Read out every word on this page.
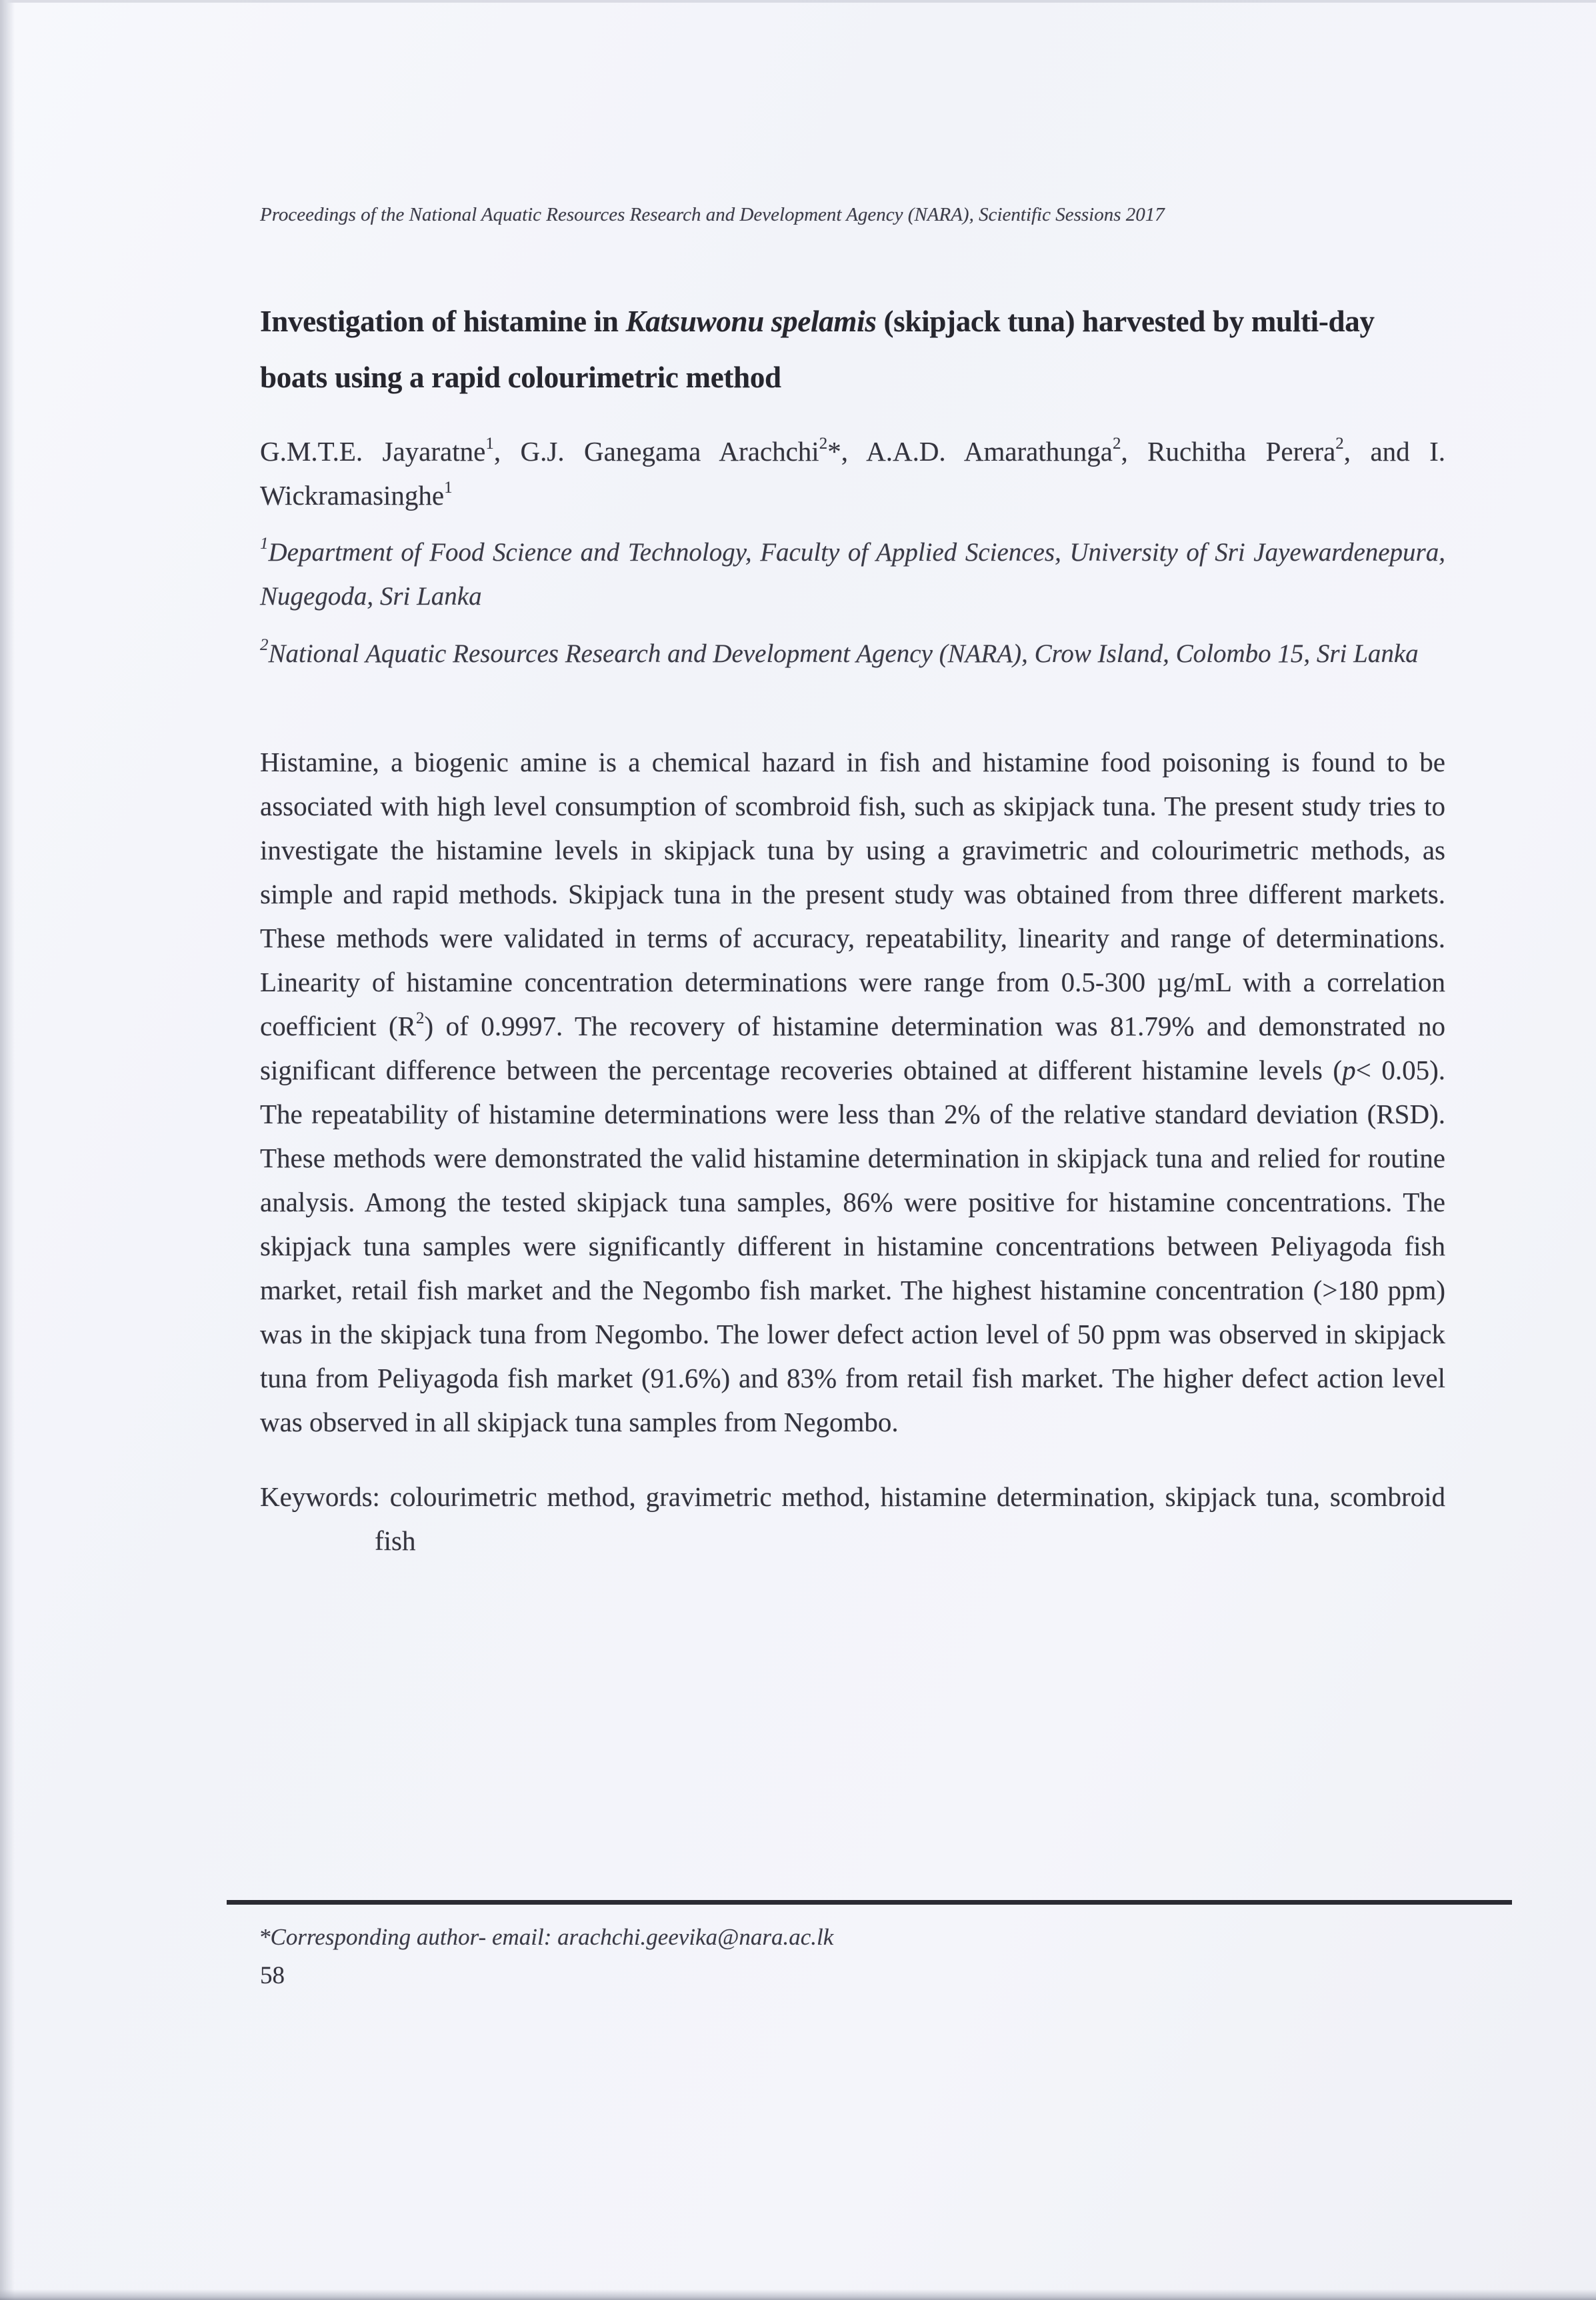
Proceedings of the National Aquatic Resources Research and Development Agency (NARA), Scientific Sessions 2017

Investigation of histamine in Katsuwonu spelamis (skipjack tuna) harvested by multi-day boats using a rapid colourimetric method

G.M.T.E. Jayaratne$^1$, G.J. Ganegama Arachchi$^2$*, A.A.D. Amarathunga$^2$, Ruchitha Perera$^2$, and I. Wickramasinghe$^1$

$^1$Department of Food Science and Technology, Faculty of Applied Sciences, University of Sri Jayewardenepura, Nugegoda, Sri Lanka

$^2$National Aquatic Resources Research and Development Agency (NARA), Crow Island, Colombo 15, Sri Lanka

Histamine, a biogenic amine is a chemical hazard in fish and histamine food poisoning is found to be associated with high level consumption of scombroid fish, such as skipjack tuna. The present study tries to investigate the histamine levels in skipjack tuna by using a gravimetric and colourimetric methods, as simple and rapid methods. Skipjack tuna in the present study was obtained from three different markets. These methods were validated in terms of accuracy, repeatability, linearity and range of determinations. Linearity of histamine concentration determinations were range from 0.5-300 µg/mL with a correlation coefficient $(R^2)$ of 0.9997. The recovery of histamine determination was 81.79% and demonstrated no significant difference between the percentage recoveries obtained at different histamine levels (p< 0.05). The repeatability of histamine determinations were less than 2% of the relative standard deviation (RSD). These methods were demonstrated the valid histamine determination in skipjack tuna and relied for routine analysis. Among the tested skipjack tuna samples, 86% were positive for histamine concentrations. The skipjack tuna samples were significantly different in histamine concentrations between Peliyagoda fish market, retail fish market and the Negombo fish market. The highest histamine concentration (>180 ppm) was in the skipjack tuna from Negombo. The lower defect action level of 50 ppm was observed in skipjack tuna from Peliyagoda fish market (91.6%) and 83% from retail fish market. The higher defect action level was observed in all skipjack tuna samples from Negombo.

Keywords: colourimetric method, gravimetric method, histamine determination, skipjack tuna, scombroid fish

*Corresponding author- email: arachchi.geevika@nara.ac.lk

58
